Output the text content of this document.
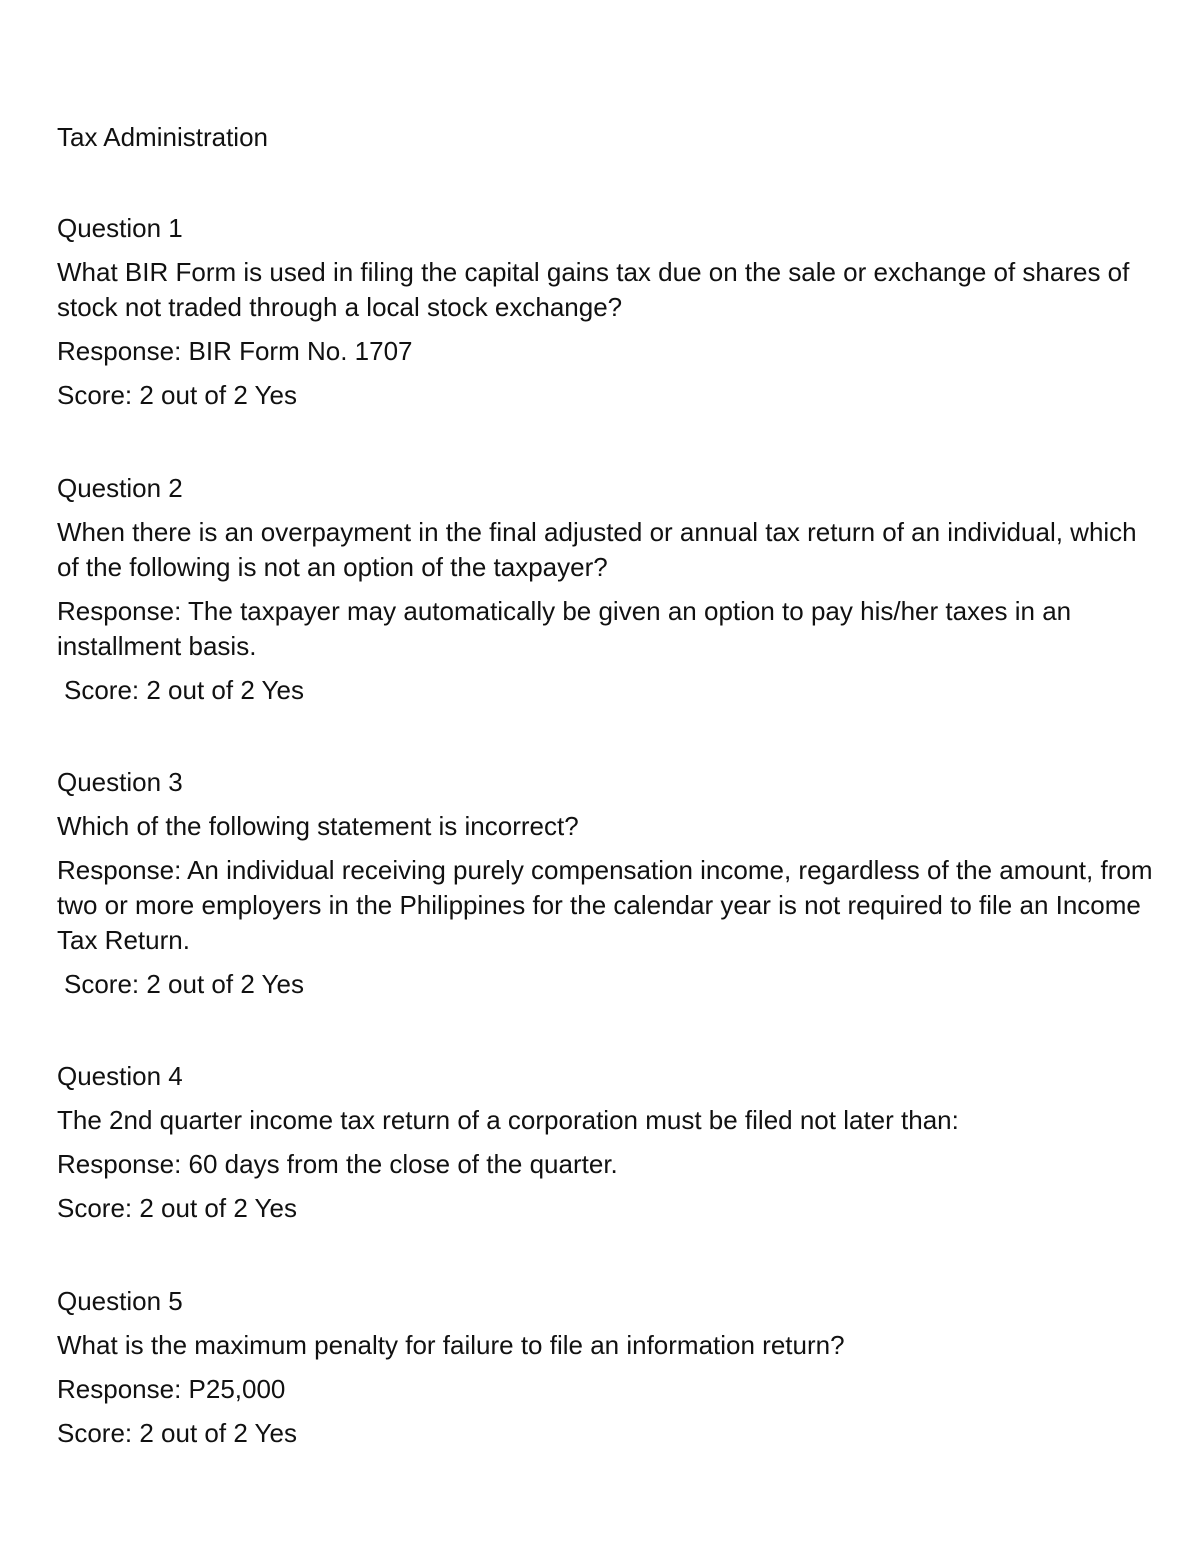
Tax Administration

Question 1

What BIR Form is used in filing the capital gains tax due on the sale or exchange of shares of stock not traded through a local stock exchange?

Response: BIR Form No. 1707

Score: 2 out of 2 Yes

Question 2

When there is an overpayment in the final adjusted or annual tax return of an individual, which of the following is not an option of the taxpayer?

Response: The taxpayer may automatically be given an option to pay his/her taxes in an installment basis.

Score: 2 out of 2 Yes

Question 3

Which of the following statement is incorrect?

Response: An individual receiving purely compensation income, regardless of the amount, from two or more employers in the Philippines for the calendar year is not required to file an Income Tax Return.

Score: 2 out of 2 Yes

Question 4

The 2nd quarter income tax return of a corporation must be filed not later than:

Response: 60 days from the close of the quarter.

Score: 2 out of 2 Yes

Question 5

What is the maximum penalty for failure to file an information return?

Response: P25,000

Score: 2 out of 2 Yes
